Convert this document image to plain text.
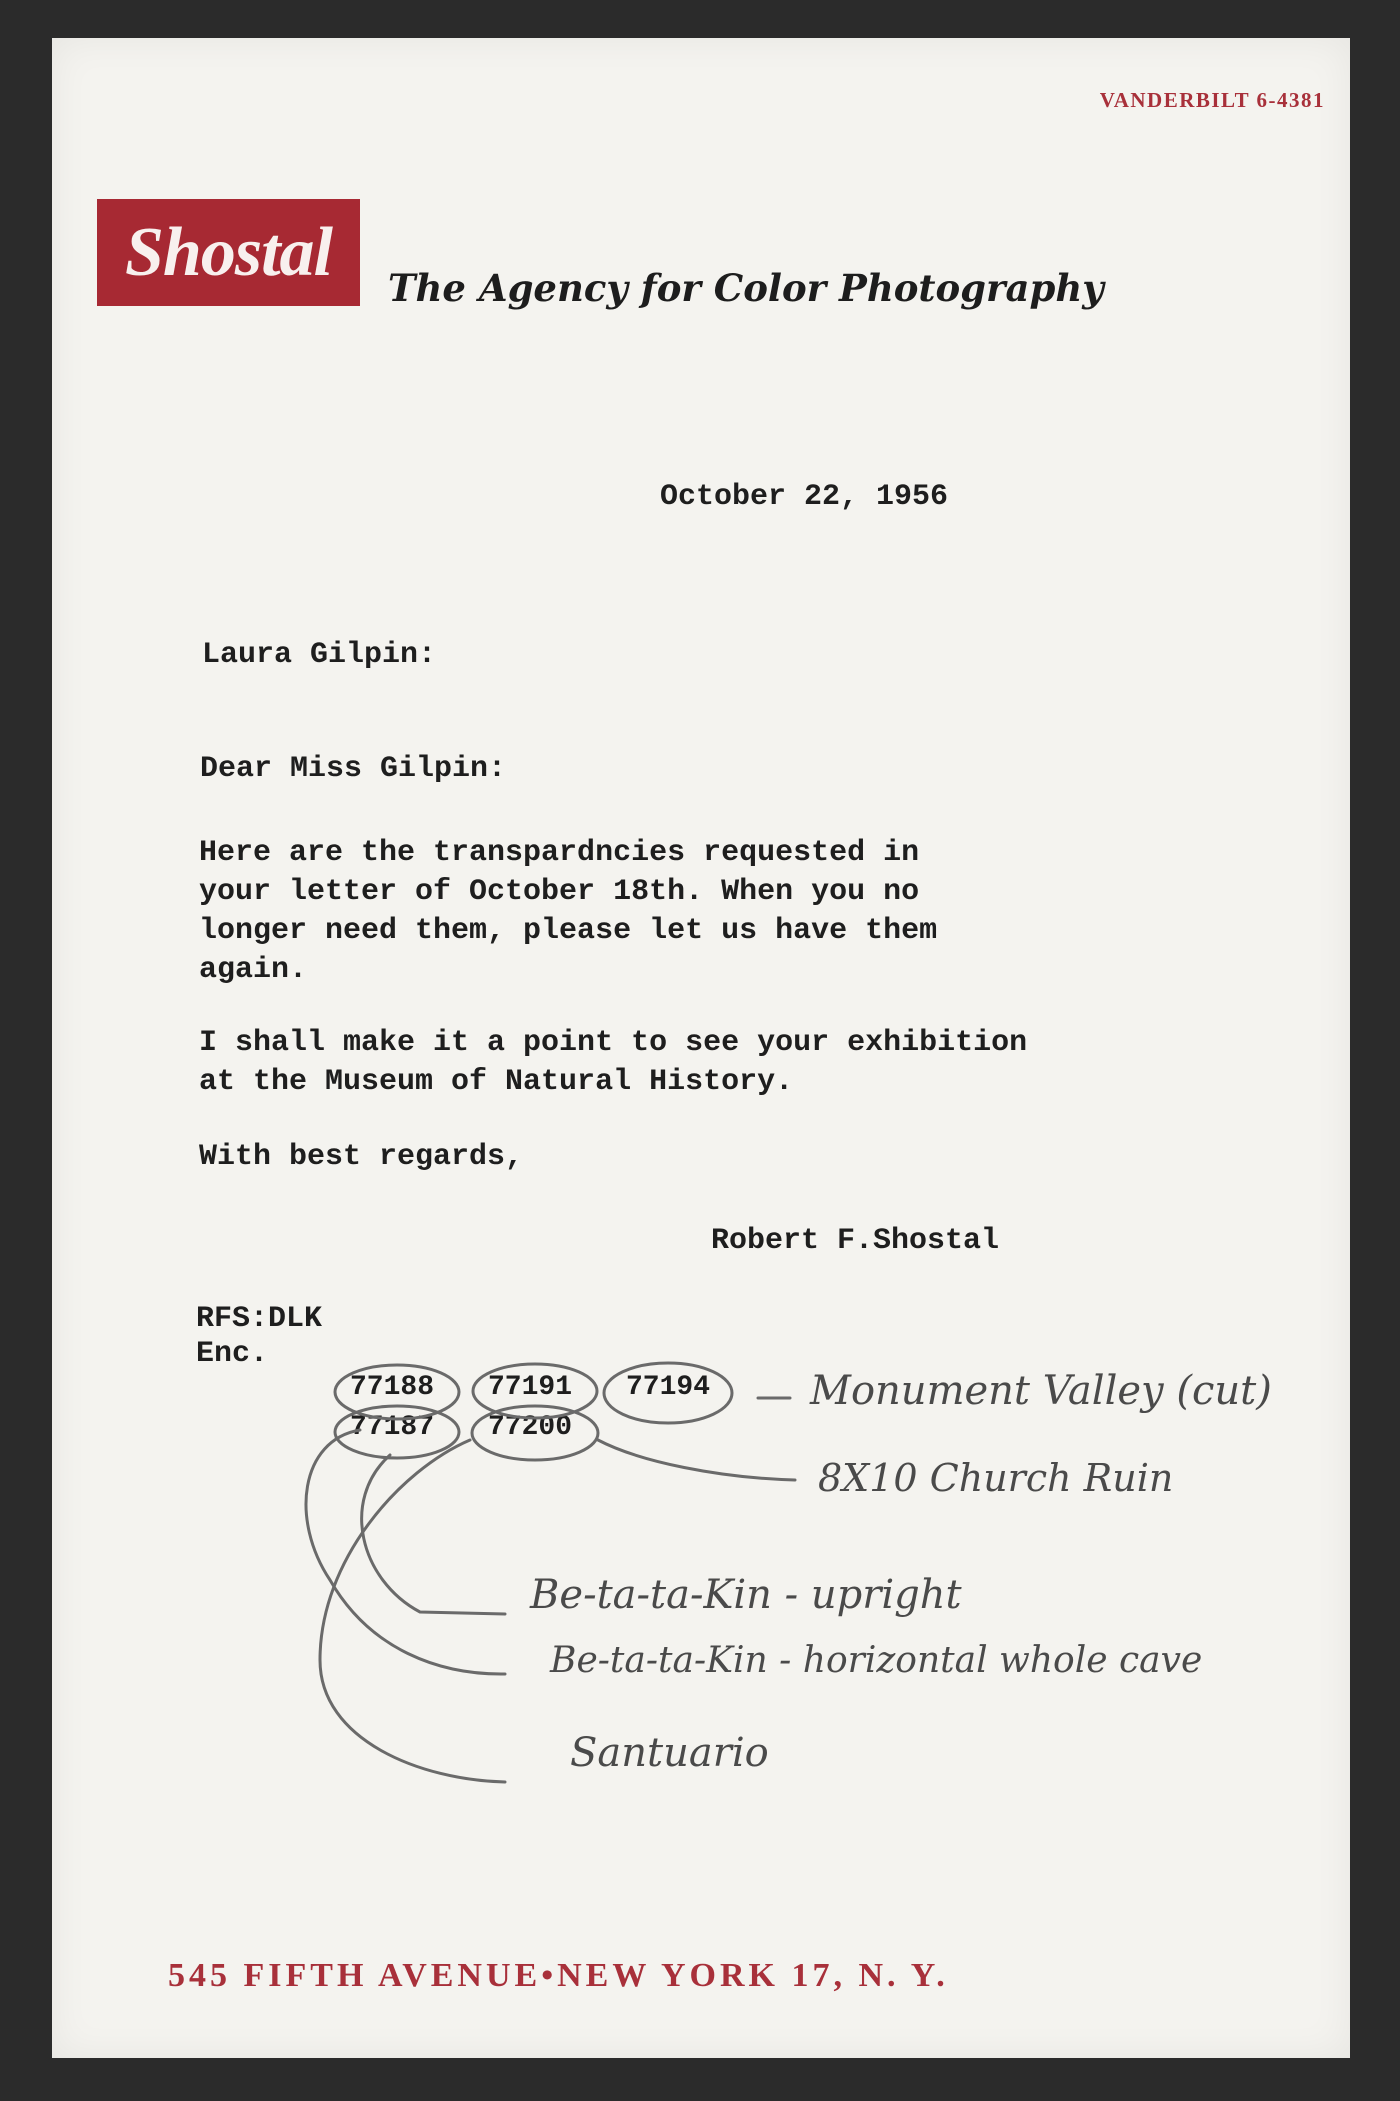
VANDERBILT 6-4381
Shostal	The Agency for Color Photography
October 22, 1956
Laura Gilpin:
Dear Miss Gilpin:
Here are the transpardncies requested in
your letter of October 18th. When you no
longer need them, please let us have them
again.
I shall make it a point to see your exhibition
at the Museum of Natural History.
With best regards,
Robert F.Shostal
RFS:DLK
Enc.
77188 77191 77194
77187 77200
Monument Valley (cut)
8X10 Church Ruin
Be-ta-ta-Kin - upright
Be-ta-ta-Kin - horizontal whole cave
Santuario
545 FIFTH AVENUE•NEW YORK 17, N. Y.
